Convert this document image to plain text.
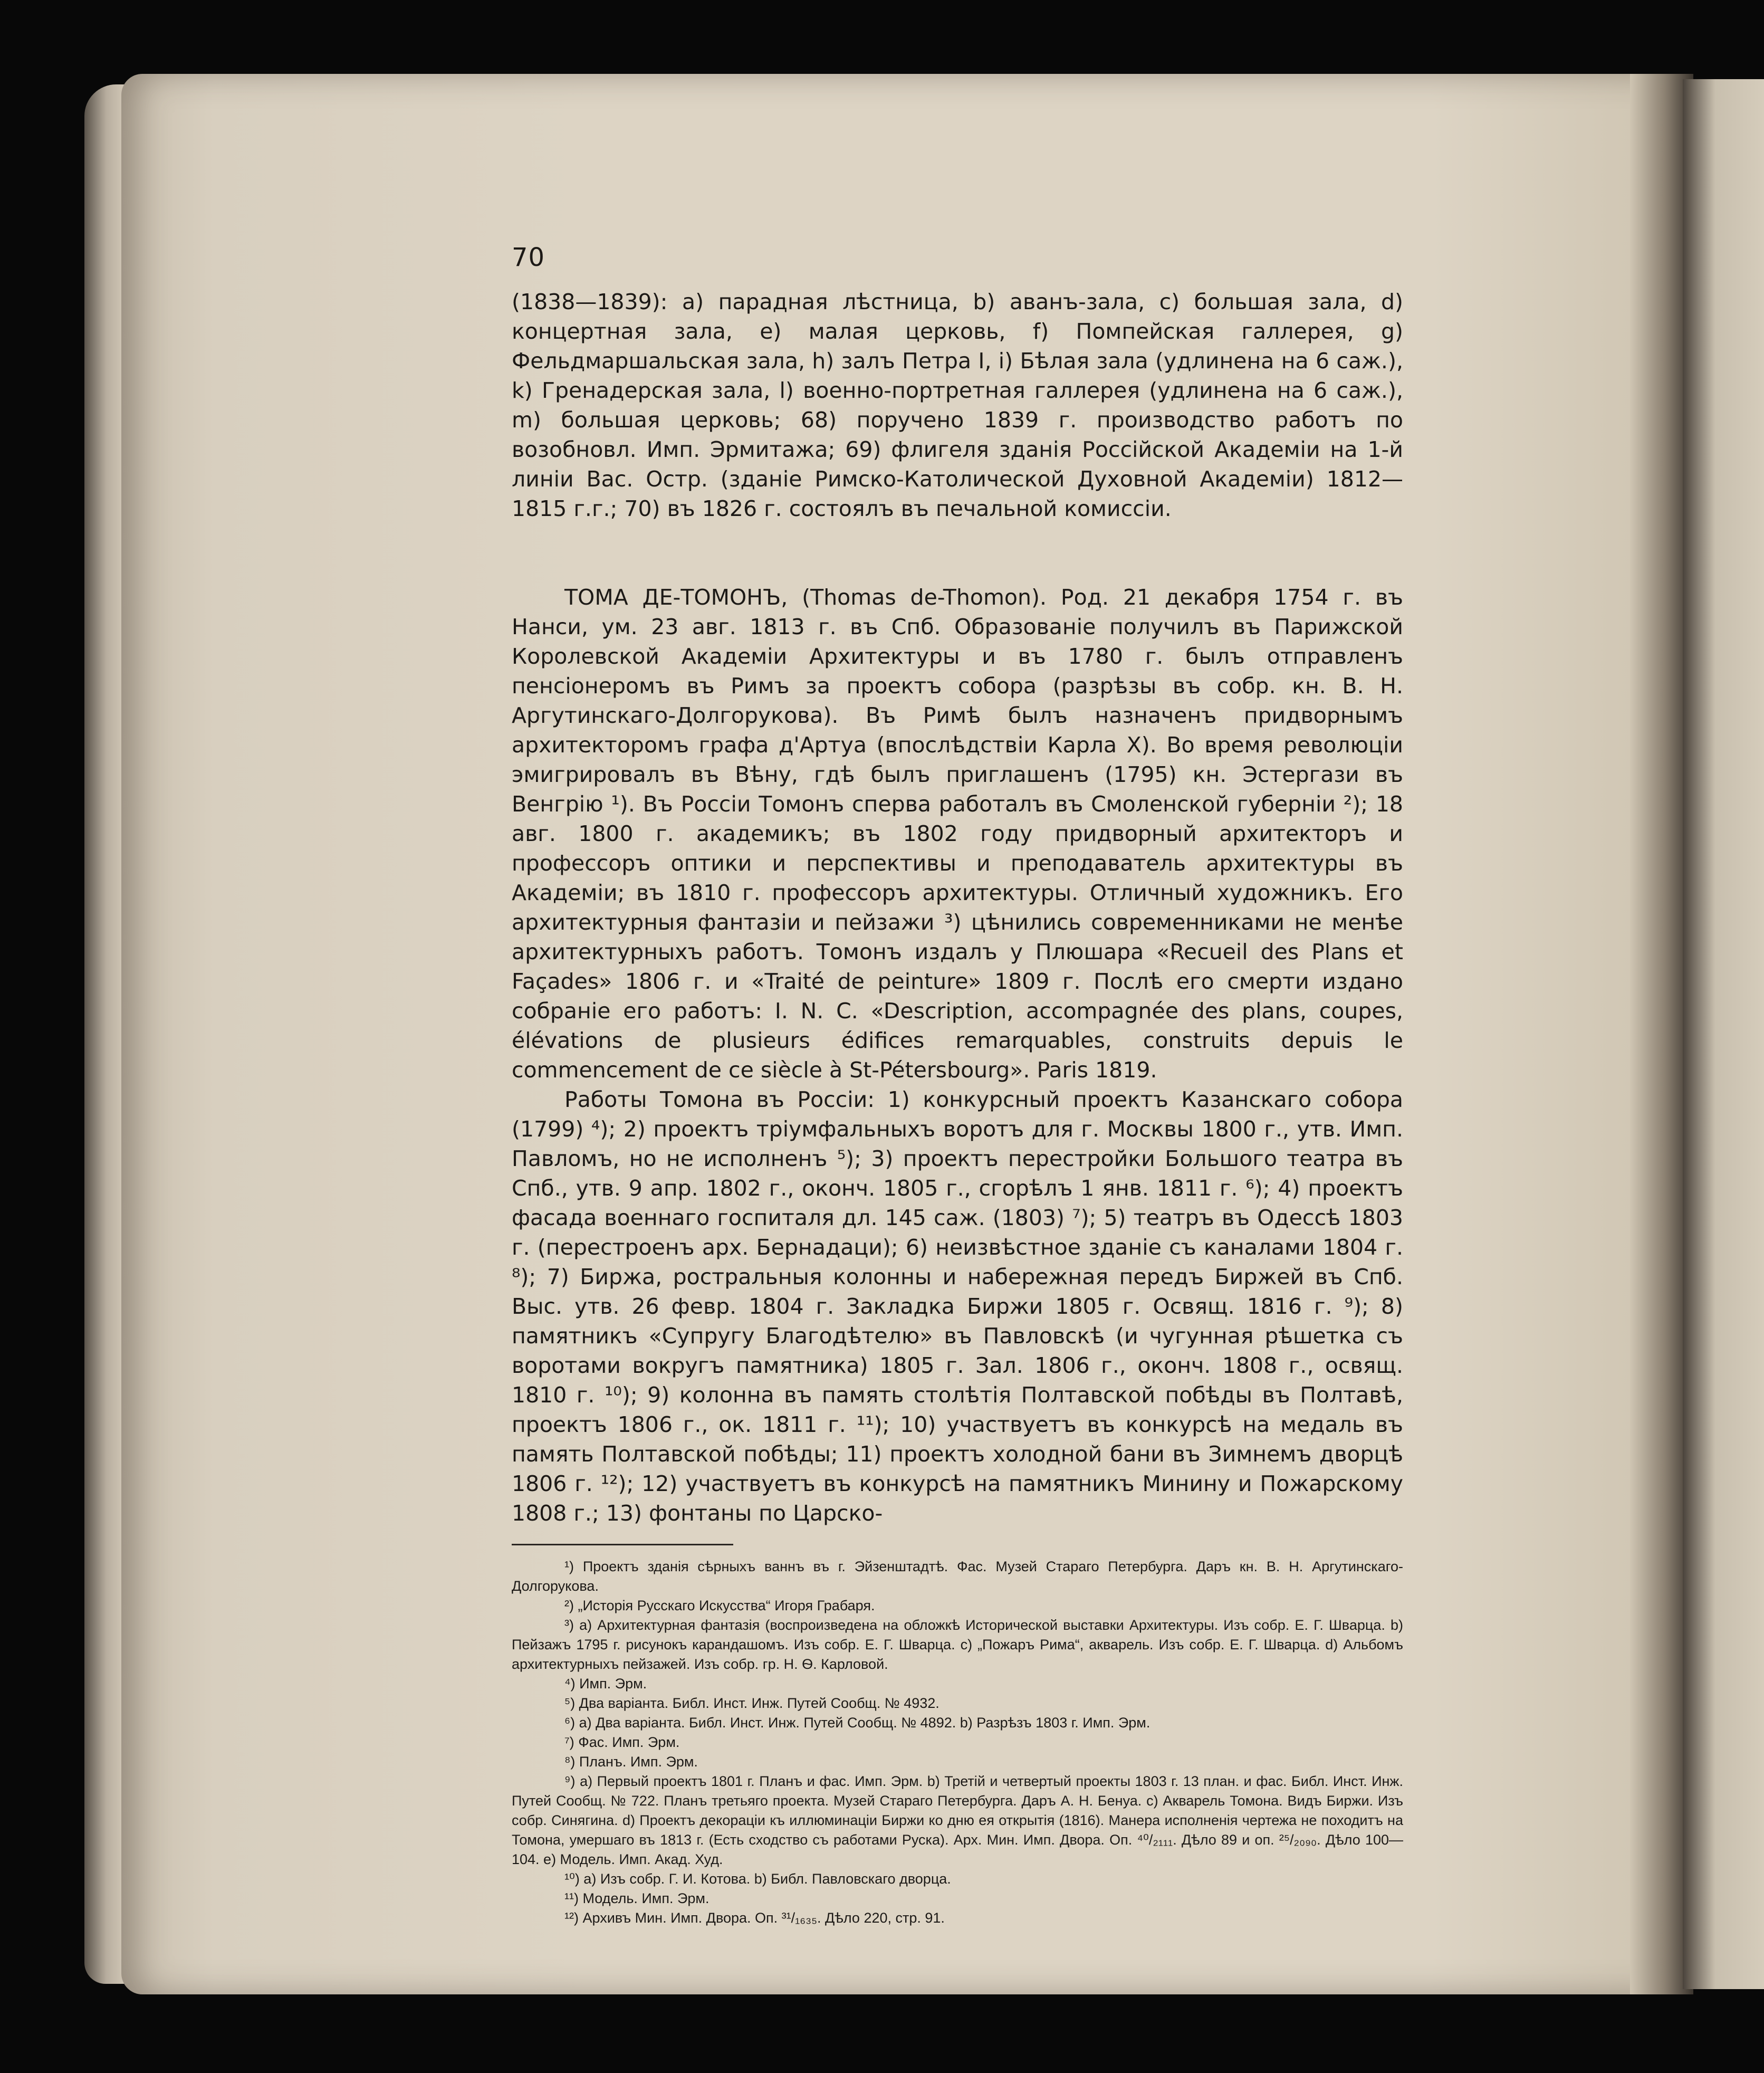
70

(1838—1839): a) парадная лѣстница, b) аванъ-зала, c) большая зала, d) концертная зала, e) малая церковь, f) Помпейская галлерея, g) Фельдмаршальская зала, h) залъ Петра I, i) Бѣлая зала (удлинена на 6 саж.), k) Гренадерская зала, l) военно-портретная галлерея (удлинена на 6 саж.), m) большая церковь; 68) поручено 1839 г. производство работъ по возобновл. Имп. Эрмитажа; 69) флигеля зданія Россійской Академіи на 1-й линіи Вас. Остр. (зданіе Римско-Католической Духовной Академіи) 1812—1815 г.г.; 70) въ 1826 г. состоялъ въ печальной комиссіи.

ТОМА ДЕ-ТОМОНЪ, (Thomas de-Thomon). Род. 21 декабря 1754 г. въ Нанси, ум. 23 авг. 1813 г. въ Спб. Образованіе получилъ въ Парижской Королевской Академіи Архитектуры и въ 1780 г. былъ отправленъ пенсіонеромъ въ Римъ за проектъ собора (разрѣзы въ собр. кн. В. Н. Аргутинскаго-Долгорукова). Въ Римѣ былъ назначенъ придворнымъ архитекторомъ графа д'Артуа (впослѣдствіи Карла X). Во время революціи эмигрировалъ въ Вѣну, гдѣ былъ приглашенъ (1795) кн. Эстергази въ Венгрію ¹). Въ Россіи Томонъ сперва работалъ въ Смоленской губерніи ²); 18 авг. 1800 г. академикъ; въ 1802 году придворный архитекторъ и профессоръ оптики и перспективы и преподаватель архитектуры въ Академіи; въ 1810 г. профессоръ архитектуры. Отличный художникъ. Его архитектурныя фантазіи и пейзажи ³) цѣнились современниками не менѣе архитектурныхъ работъ. Томонъ издалъ у Плюшара «Recueil des Plans et Façades» 1806 г. и «Traité de peinture» 1809 г. Послѣ его смерти издано собраніе его работъ: I. N. C. «Description, accompagnée des plans, coupes, élévations de plusieurs édifices remarquables, construits depuis le commencement de ce siècle à St-Pétersbourg». Paris 1819.

Работы Томона въ Россіи: 1) конкурсный проектъ Казанскаго собора (1799) ⁴); 2) проектъ тріумфальныхъ воротъ для г. Москвы 1800 г., утв. Имп. Павломъ, но не исполненъ ⁵); 3) проектъ перестройки Большого театра въ Спб., утв. 9 апр. 1802 г., оконч. 1805 г., сгорѣлъ 1 янв. 1811 г. ⁶); 4) проектъ фасада военнаго госпиталя дл. 145 саж. (1803) ⁷); 5) театръ въ Одессѣ 1803 г. (перестроенъ арх. Бернадаци); 6) неизвѣстное зданіе съ каналами 1804 г. ⁸); 7) Биржа, ростральныя колонны и набережная передъ Биржей въ Спб. Выс. утв. 26 февр. 1804 г. Закладка Биржи 1805 г. Освящ. 1816 г. ⁹); 8) памятникъ «Супругу Благодѣтелю» въ Павловскѣ (и чугунная рѣшетка съ воротами вокругъ памятника) 1805 г. Зал. 1806 г., оконч. 1808 г., освящ. 1810 г. ¹⁰); 9) колонна въ память столѣтія Полтавской побѣды въ Полтавѣ, проектъ 1806 г., ок. 1811 г. ¹¹); 10) участвуетъ въ конкурсѣ на медаль въ память Полтавской побѣды; 11) проектъ холодной бани въ Зимнемъ дворцѣ 1806 г. ¹²); 12) участвуетъ въ конкурсѣ на памятникъ Минину и Пожарскому 1808 г.; 13) фонтаны по Царско-

¹) Проектъ зданія сѣрныхъ ваннъ въ г. Эйзенштадтѣ. Фас. Музей Стараго Петербурга. Даръ кн. В. Н. Аргутинскаго-Долгорукова.

²) „Исторія Русскаго Искусства“ Игоря Грабаря.

³) a) Архитектурная фантазія (воспроизведена на обложкѣ Исторической выставки Архитектуры. Изъ собр. Е. Г. Шварца. b) Пейзажъ 1795 г. рисунокъ карандашомъ. Изъ собр. Е. Г. Шварца. c) „Пожаръ Рима“, акварель. Изъ собр. Е. Г. Шварца. d) Альбомъ архитектурныхъ пейзажей. Изъ собр. гр. Н. Ѳ. Карловой.

⁴) Имп. Эрм.

⁵) Два варіанта. Библ. Инст. Инж. Путей Сообщ. № 4932.

⁶) a) Два варіанта. Библ. Инст. Инж. Путей Сообщ. № 4892. b) Разрѣзъ 1803 г. Имп. Эрм.

⁷) Фас. Имп. Эрм.

⁸) Планъ. Имп. Эрм.

⁹) a) Первый проектъ 1801 г. Планъ и фас. Имп. Эрм. b) Третій и четвертый проекты 1803 г. 13 план. и фас. Библ. Инст. Инж. Путей Сообщ. № 722. Планъ третьяго проекта. Музей Стараго Петербурга. Даръ А. Н. Бенуа. c) Акварель Томона. Видъ Биржи. Изъ собр. Синягина. d) Проектъ декораціи къ иллюминаціи Биржи ко дню ея открытія (1816). Манера исполненія чертежа не походитъ на Томона, умершаго въ 1813 г. (Есть сходство съ работами Руска). Арх. Мин. Имп. Двора. Оп. ⁴⁰/₂₁₁₁. Дѣло 89 и оп. ²⁵/₂₀₉₀. Дѣло 100—104. e) Модель. Имп. Акад. Худ.

¹⁰) a) Изъ собр. Г. И. Котова. b) Библ. Павловскаго дворца.

¹¹) Модель. Имп. Эрм.

¹²) Архивъ Мин. Имп. Двора. Оп. ³¹/₁₆₃₅. Дѣло 220, стр. 91.
